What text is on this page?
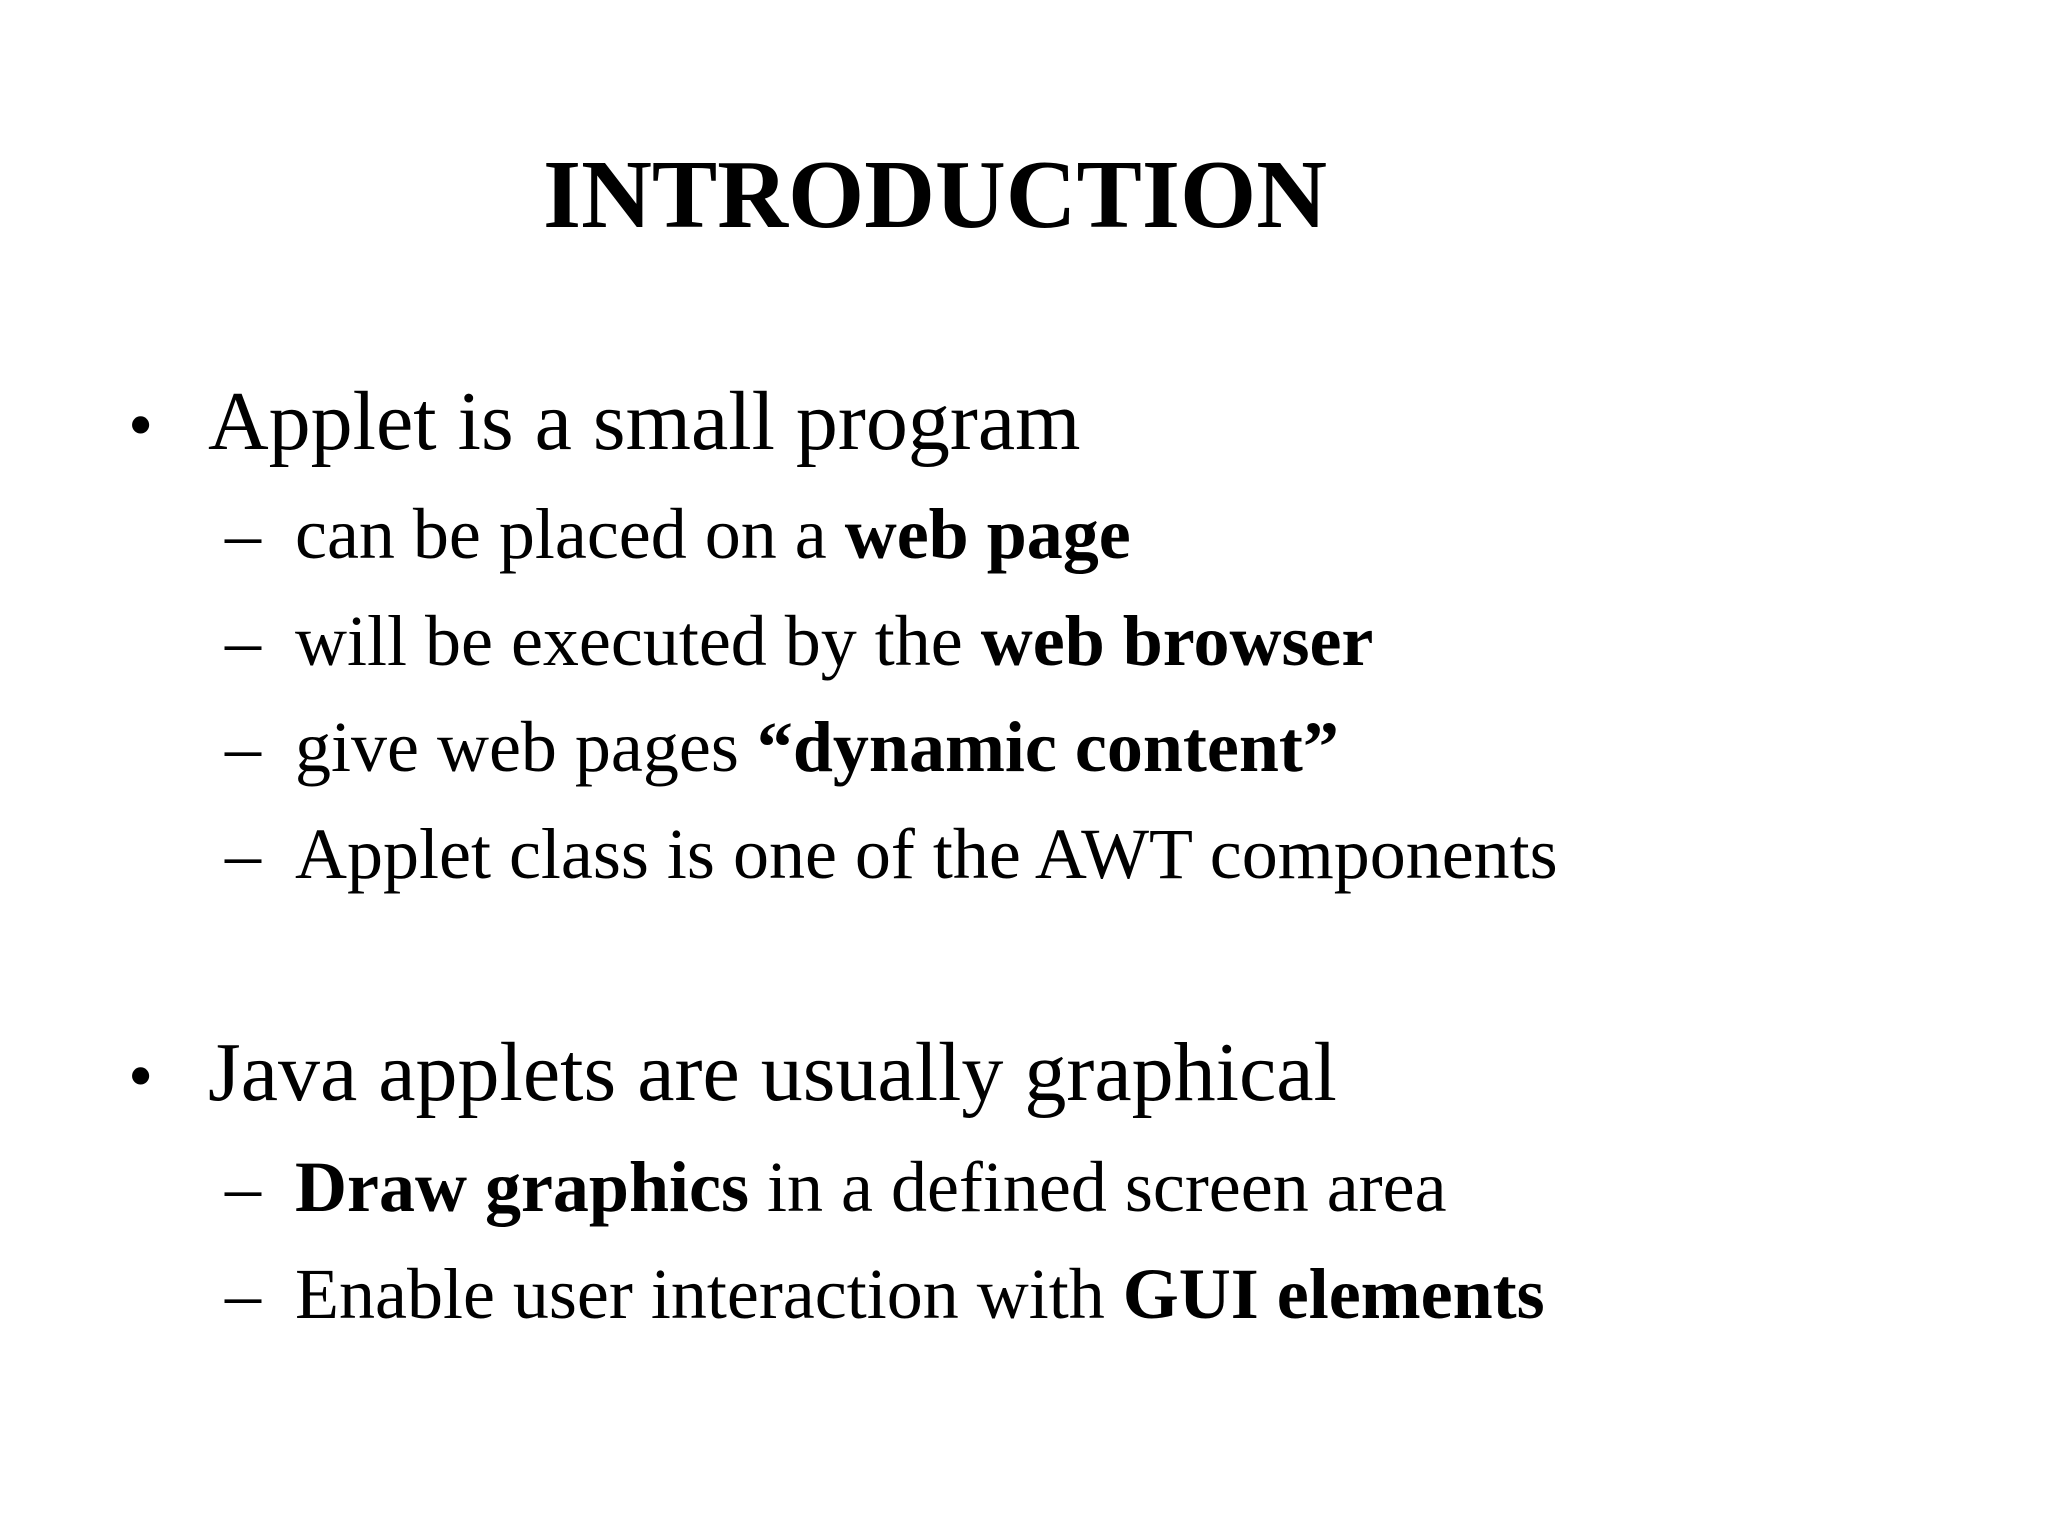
INTRODUCTION
• Applet is a small program
– can be placed on a web page
– will be executed by the web browser
– give web pages “dynamic content”
– Applet class is one of the AWT components
• Java applets are usually graphical
– Draw graphics in a defined screen area
– Enable user interaction with GUI elements
